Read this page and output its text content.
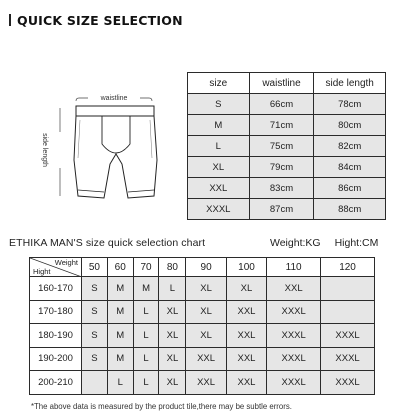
QUICK SIZE SELECTION
waistline
side length
size	waistline	side length
S	66cm	78cm
M	71cm	80cm
L	75cm	82cm
XL	79cm	84cm
XXL	83cm	86cm
XXXL	87cm	88cm
ETHIKA MAN'S size quick selection chart	Weight:KG Hight:CM
Weight
Hight	50	60	70	80	90	100	110	120
160-170	S	M	M	L	XL	XL	XXL	
170-180	S	M	L	XL	XL	XXL	XXXL	
180-190	S	M	L	XL	XL	XXL	XXXL	XXXL
190-200	S	M	L	XL	XXL	XXL	XXXL	XXXL
200-210		L	L	XL	XXL	XXL	XXXL	XXXL
*The above data is measured by the product tile,there may be subtle errors.
